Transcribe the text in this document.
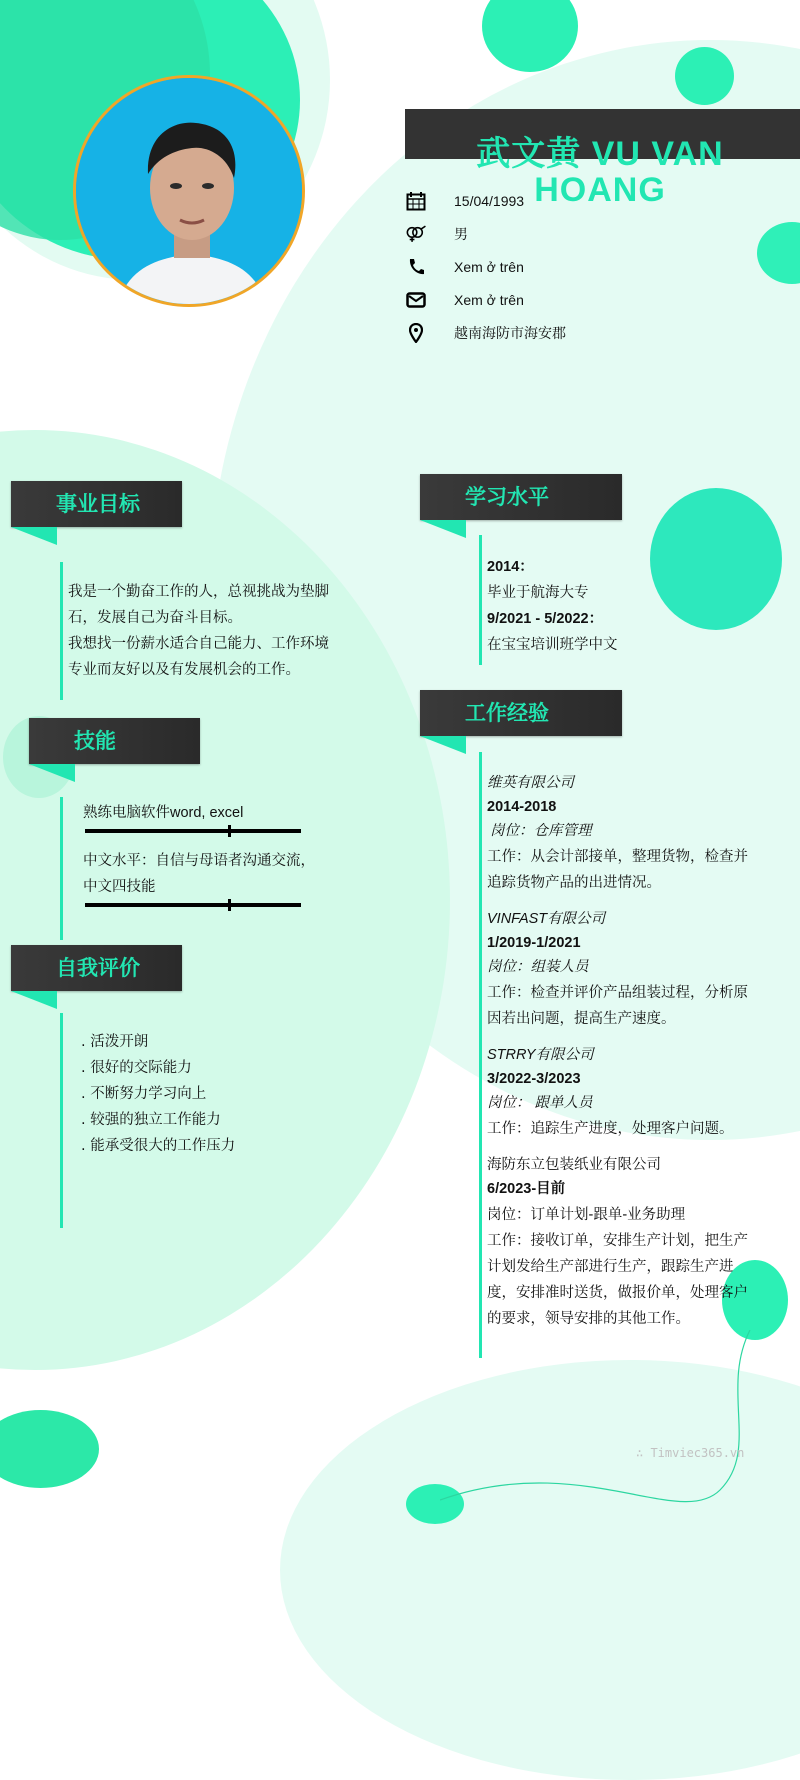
武文黄 VU VAN
HOANG
15/04/1993
男
Xem ở trên
Xem ở trên
越南海防市海安郡
事业目标
我是一个勤奋工作的人，总视挑战为垫脚
石，发展自己为奋斗目标。
我想找一份薪水适合自己能力、工作环境
专业而友好以及有发展机会的工作。
技能
熟练电脑软件word, excel
中文水平：自信与母语者沟通交流，
中文四技能
自我评价
. 活泼开朗
. 很好的交际能力
. 不断努力学习向上
. 较强的独立工作能力
. 能承受很大的工作压力
学习水平
2014：
毕业于航海大专
9/2021 - 5/2022：
在宝宝培训班学中文
工作经验
维英有限公司
2014-2018
岗位：仓库管理
工作：从会计部接单，整理货物，检查并
追踪货物产品的出进情况。
VINFAST有限公司
1/2019-1/2021
岗位：组装人员
工作：检查并评价产品组装过程，分析原
因若出问题，提高生产速度。
STRRY有限公司
3/2022-3/2023
岗位： 跟单人员
工作：追踪生产进度，处理客户问题。
海防东立包装纸业有限公司
6/2023-目前
岗位：订单计划-跟单-业务助理
工作：接收订单，安排生产计划，把生产
计划发给生产部进行生产，跟踪生产进
度，安排准时送货，做报价单，处理客户
的要求，领导安排的其他工作。
∴ Timviec365.vn
